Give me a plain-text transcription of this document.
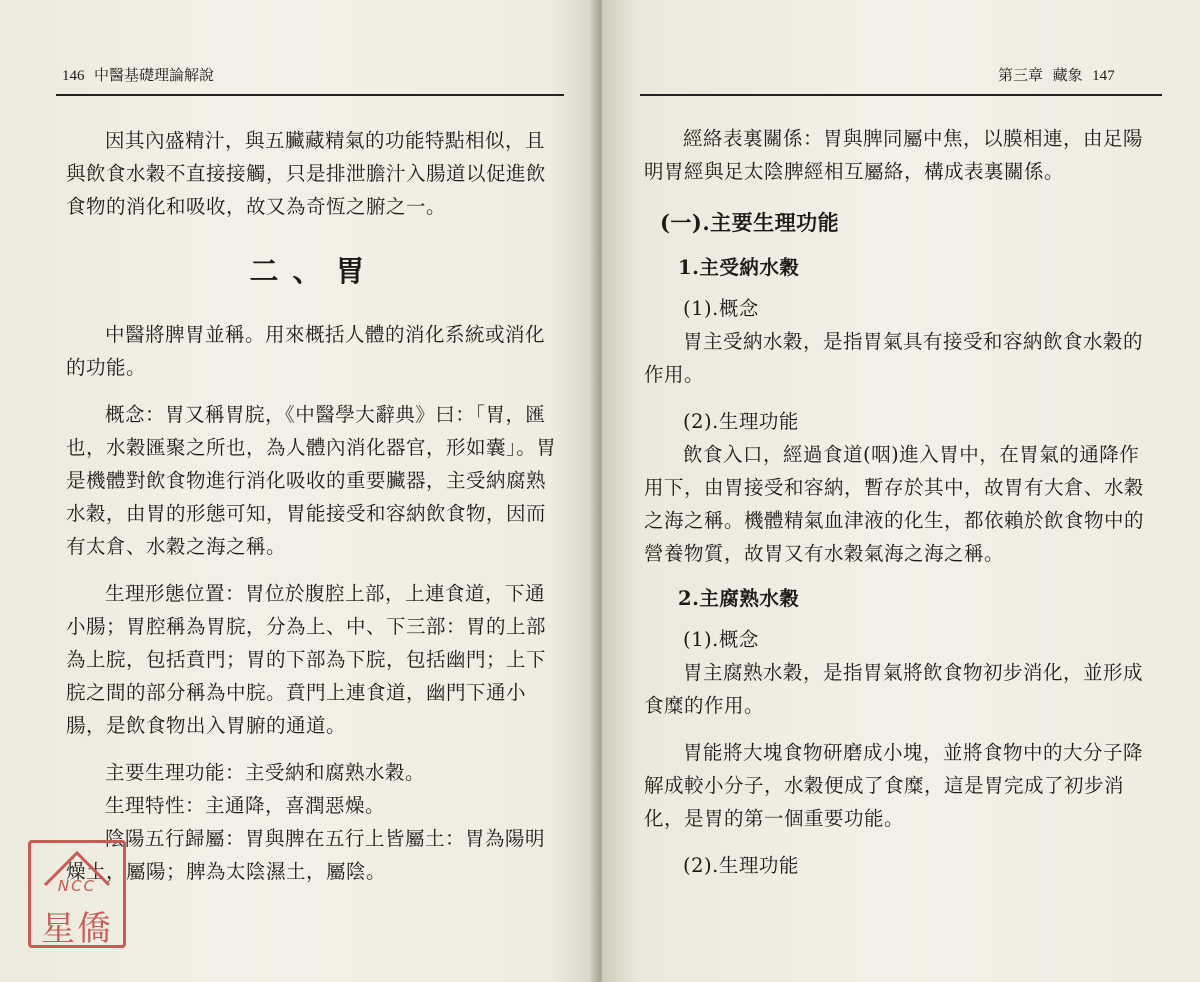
146 中醫基礎理論解說

因其內盛精汁，與五臟藏精氣的功能特點相似，且與飲食水穀不直接接觸，只是排泄膽汁入腸道以促進飲食物的消化和吸收，故又為奇恆之腑之一。

二、胃

中醫將脾胃並稱。用來概括人體的消化系統或消化的功能。

概念：胃又稱胃脘，《中醫學大辭典》曰：「胃，匯也，水穀匯聚之所也，為人體內消化器官，形如囊」。胃是機體對飲食物進行消化吸收的重要臟器，主受納腐熟水穀，由胃的形態可知，胃能接受和容納飲食物，因而有太倉、水穀之海之稱。

生理形態位置：胃位於腹腔上部，上連食道，下通小腸；胃腔稱為胃脘，分為上、中、下三部：胃的上部為上脘，包括賁門；胃的下部為下脘，包括幽門；上下脘之間的部分稱為中脘。賁門上連食道，幽門下通小腸，是飲食物出入胃腑的通道。

主要生理功能：主受納和腐熟水穀。

生理特性：主通降，喜潤惡燥。

陰陽五行歸屬：胃與脾在五行上皆屬土：胃為陽明燥土，屬陽；脾為太陰濕土，屬陰。

NCC
星僑
第三章 藏象 147

經絡表裏關係：胃與脾同屬中焦，以膜相連，由足陽明胃經與足太陰脾經相互屬絡，構成表裏關係。

(一).主要生理功能
1.主受納水穀

(1).概念

胃主受納水穀，是指胃氣具有接受和容納飲食水穀的作用。

(2).生理功能

飲食入口，經過食道(咽)進入胃中，在胃氣的通降作用下，由胃接受和容納，暫存於其中，故胃有大倉、水穀之海之稱。機體精氣血津液的化生，都依賴於飲食物中的營養物質，故胃又有水穀氣海之海之稱。

2.主腐熟水穀

(1).概念

胃主腐熟水穀，是指胃氣將飲食物初步消化，並形成食糜的作用。

胃能將大塊食物研磨成小塊，並將食物中的大分子降解成較小分子，水穀便成了食糜，這是胃完成了初步消化，是胃的第一個重要功能。

(2).生理功能
